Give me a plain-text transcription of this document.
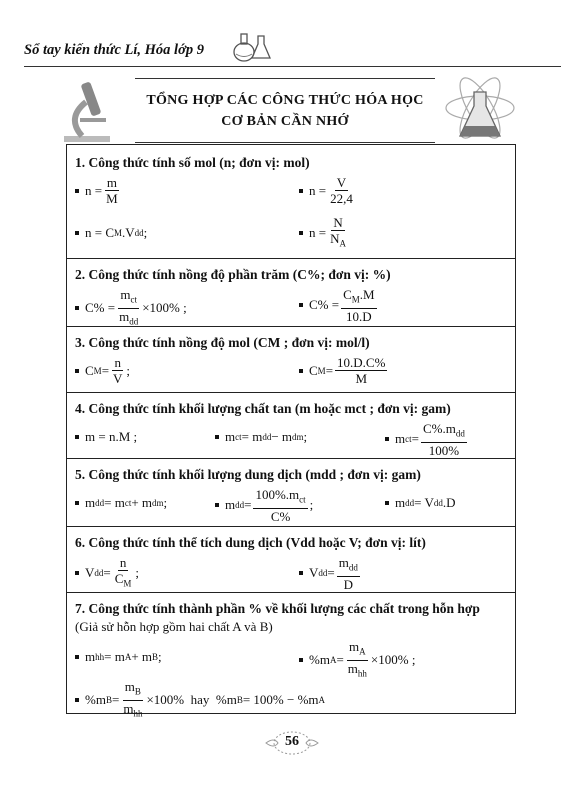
Sổ tay kiến thức Lí, Hóa lớp 9
TỔNG HỢP CÁC CÔNG THỨC HÓA HỌC
CƠ BẢN CẦN NHỚ
1. Công thức tính số mol (n; đơn vị: mol)
$n = \frac{m}{M}$	$n = \frac{V}{22,4}$
n = C M .V dd ;	$n = \frac{N}{N_A}$
2. Công thức tính nồng độ phần trăm (C%; đơn vị: %)
$C\% = \frac{m_{ct}}{m_{dd}} \times 100\%$ ;	$C\% = \frac{C_M.M}{10.D}$
3. Công thức tính nồng độ mol (CM ; đơn vị: mol/l)
C $M = \frac{n}{V}$ ;	C $M = \frac{10.D.C\%}{M}$
4. Công thức tính khối lượng chất tan (m hoặc mct ; đơn vị: gam)
m = n.M ;	m ct = m dd − m dm ;	m ct = $\frac{C\%.m_{dd}}{100\%}$
5. Công thức tính khối lượng dung dịch (mdd ; đơn vị: gam)
m dd = m ct + m dm ;	m dd = $\frac{100\%.m_{ct}}{C\%}$ ;	m dd = V dd .D
6. Công thức tính thể tích dung dịch (Vdd hoặc V; đơn vị: lít)
V dd = $\frac{n}{C_M}$ ;	V dd = $\frac{m_{dd}}{D}$
7. Công thức tính thành phần % về khối lượng các chất trong hỗn hợp
(Giả sử hỗn hợp gồm hai chất A và B)
m hh = m A + m B ;	%m $A = \frac{m_A}{m_{hh}} \times 100\%$ ;
%m $B = \frac{m_B}{m_{hh}} \times 100\%$  hay  %m B = 100% − %m A
56
